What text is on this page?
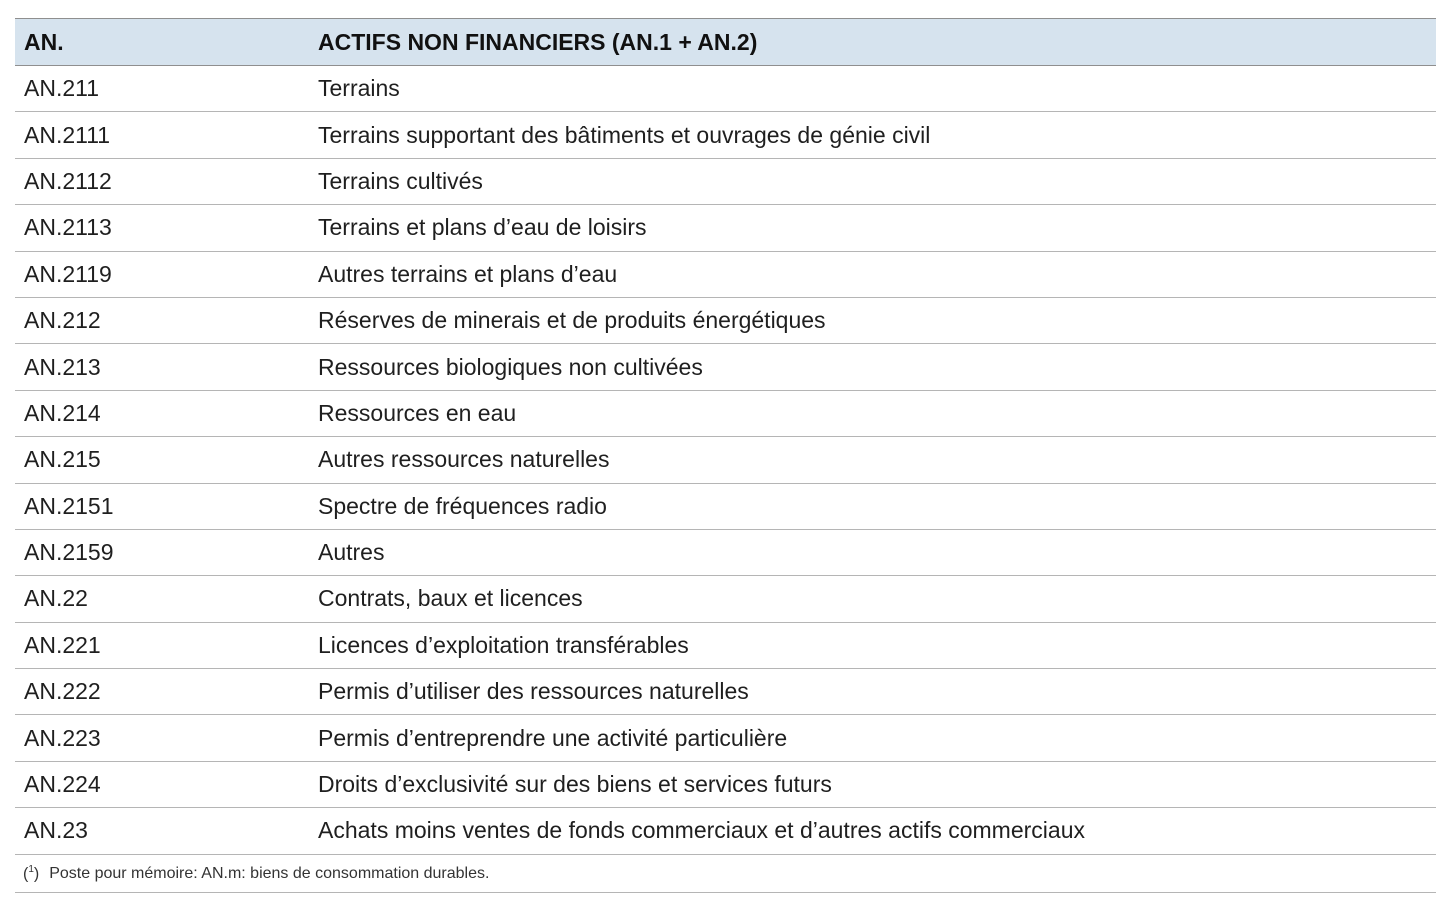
AN.	ACTIFS NON FINANCIERS (AN.1 + AN.2)
AN.211	Terrains
AN.2111	Terrains supportant des bâtiments et ouvrages de génie civil
AN.2112	Terrains cultivés
AN.2113	Terrains et plans d’eau de loisirs
AN.2119	Autres terrains et plans d’eau
AN.212	Réserves de minerais et de produits énergétiques
AN.213	Ressources biologiques non cultivées
AN.214	Ressources en eau
AN.215	Autres ressources naturelles
AN.2151	Spectre de fréquences radio
AN.2159	Autres
AN.22	Contrats, baux et licences
AN.221	Licences d’exploitation transférables
AN.222	Permis d’utiliser des ressources naturelles
AN.223	Permis d’entreprendre une activité particulière
AN.224	Droits d’exclusivité sur des biens et services futurs
AN.23	Achats moins ventes de fonds commerciaux et d’autres actifs commerciaux
($^1$) Poste pour mémoire: AN.m: biens de consommation durables.
